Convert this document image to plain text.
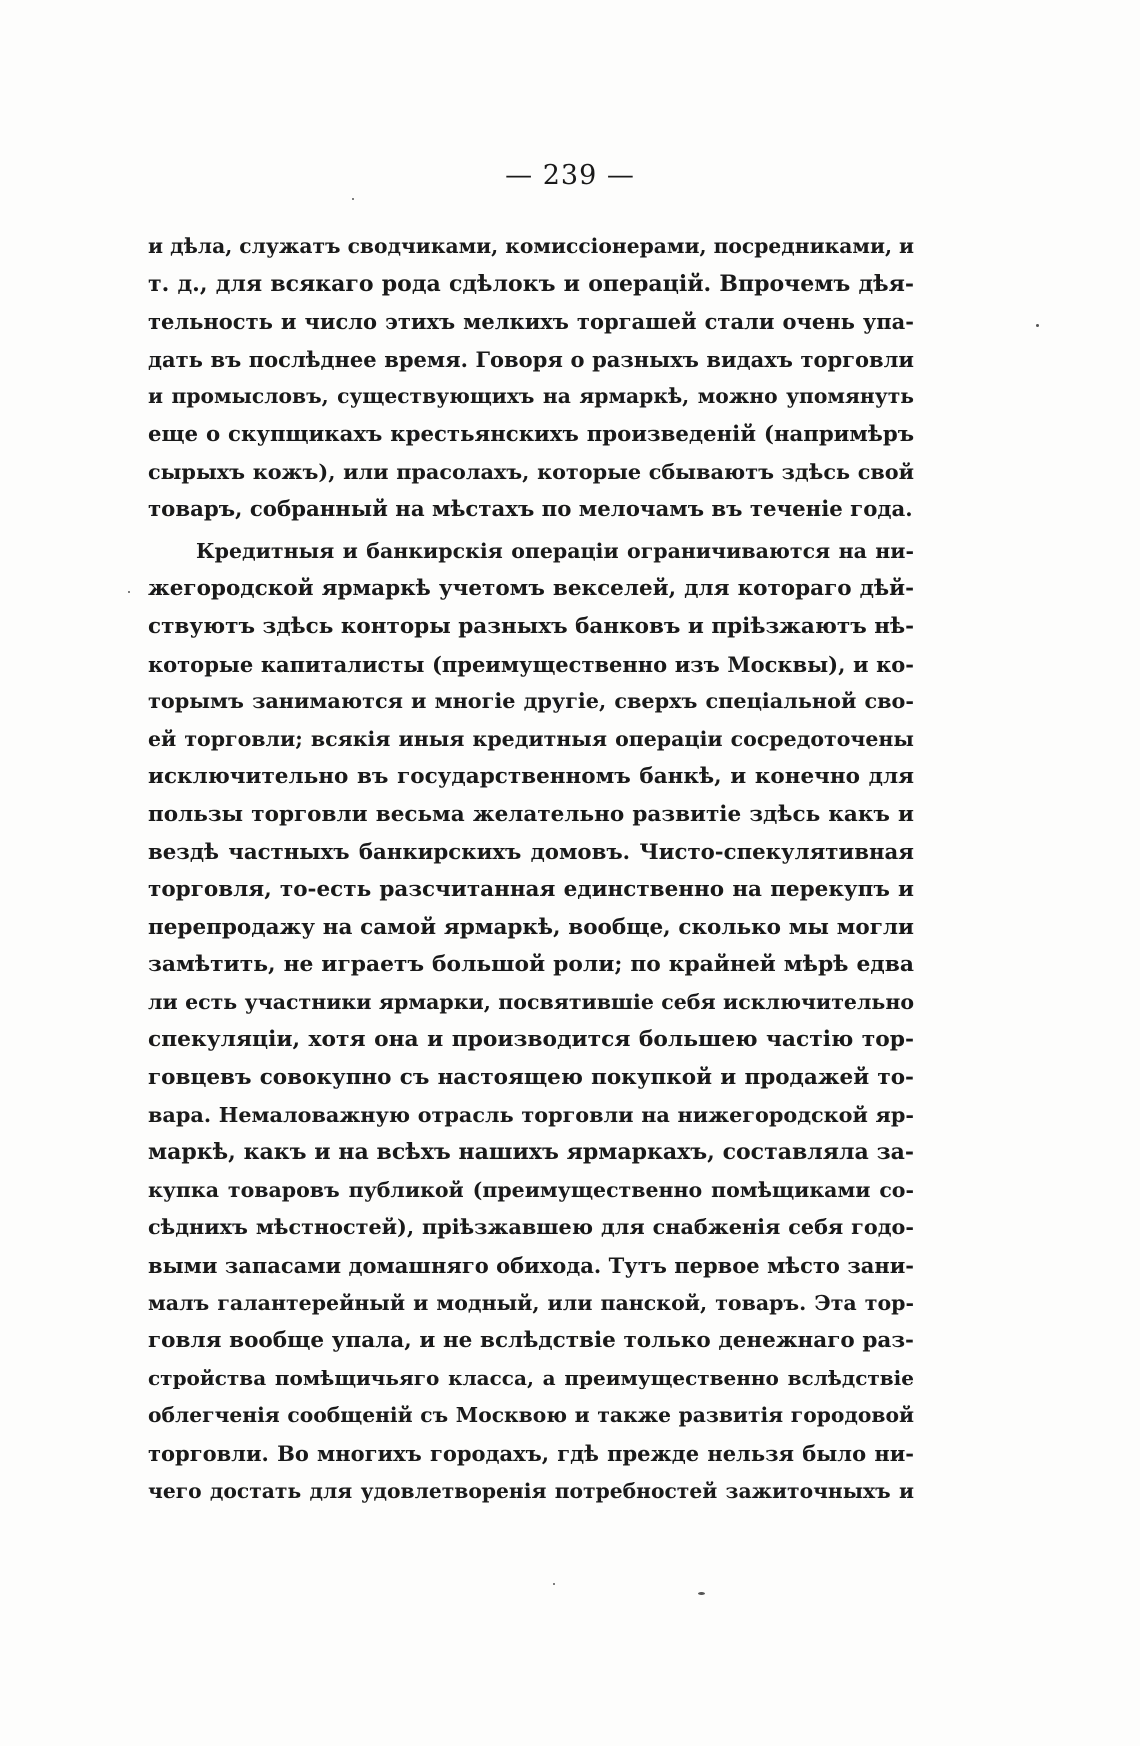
— 239 —
и дѣла, служатъ сводчиками, комиссіонерами, посредниками, и
т. д., для всякаго рода сдѣлокъ и операцій. Впрочемъ дѣя-
тельность и число этихъ мелкихъ торгашей стали очень упа-
дать въ послѣднее время. Говоря о разныхъ видахъ торговли
и промысловъ, существующихъ на ярмаркѣ, можно упомянуть
еще о скупщикахъ крестьянскихъ произведеній (напримѣръ
сырыхъ кожъ), или прасолахъ, которые сбываютъ здѣсь свой
товаръ, собранный на мѣстахъ по мелочамъ въ теченіе года.
Кредитныя и банкирскія операціи ограничиваются на ни-
жегородской ярмаркѣ учетомъ векселей, для котораго дѣй-
ствуютъ здѣсь конторы разныхъ банковъ и пріѣзжаютъ нѣ-
которые капиталисты (преимущественно изъ Москвы), и ко-
торымъ занимаются и многіе другіе, сверхъ спеціальной сво-
ей торговли; всякія иныя кредитныя операціи сосредоточены
исключительно въ государственномъ банкѣ, и конечно для
пользы торговли весьма желательно развитіе здѣсь какъ и
вездѣ частныхъ банкирскихъ домовъ. Чисто-спекулятивная
торговля, то-есть разсчитанная единственно на перекупъ и
перепродажу на самой ярмаркѣ, вообще, сколько мы могли
замѣтить, не играетъ большой роли; по крайней мѣрѣ едва
ли есть участники ярмарки, посвятившіе себя исключительно
спекуляціи, хотя она и производится большею частію тор-
говцевъ совокупно съ настоящею покупкой и продажей то-
вара. Немаловажную отрасль торговли на нижегородской яр-
маркѣ, какъ и на всѣхъ нашихъ ярмаркахъ, составляла за-
купка товаровъ публикой (преимущественно помѣщиками со-
сѣднихъ мѣстностей), пріѣзжавшею для снабженія себя годо-
выми запасами домашняго обихода. Тутъ первое мѣсто зани-
малъ галантерейный и модный, или панской, товаръ. Эта тор-
говля вообще упала, и не вслѣдствіе только денежнаго раз-
стройства помѣщичьяго класса, а преимущественно вслѣдствіе
облегченія сообщеній съ Москвою и также развитія городовой
торговли. Во многихъ городахъ, гдѣ прежде нельзя было ни-
чего достать для удовлетворенія потребностей зажиточныхъ и
